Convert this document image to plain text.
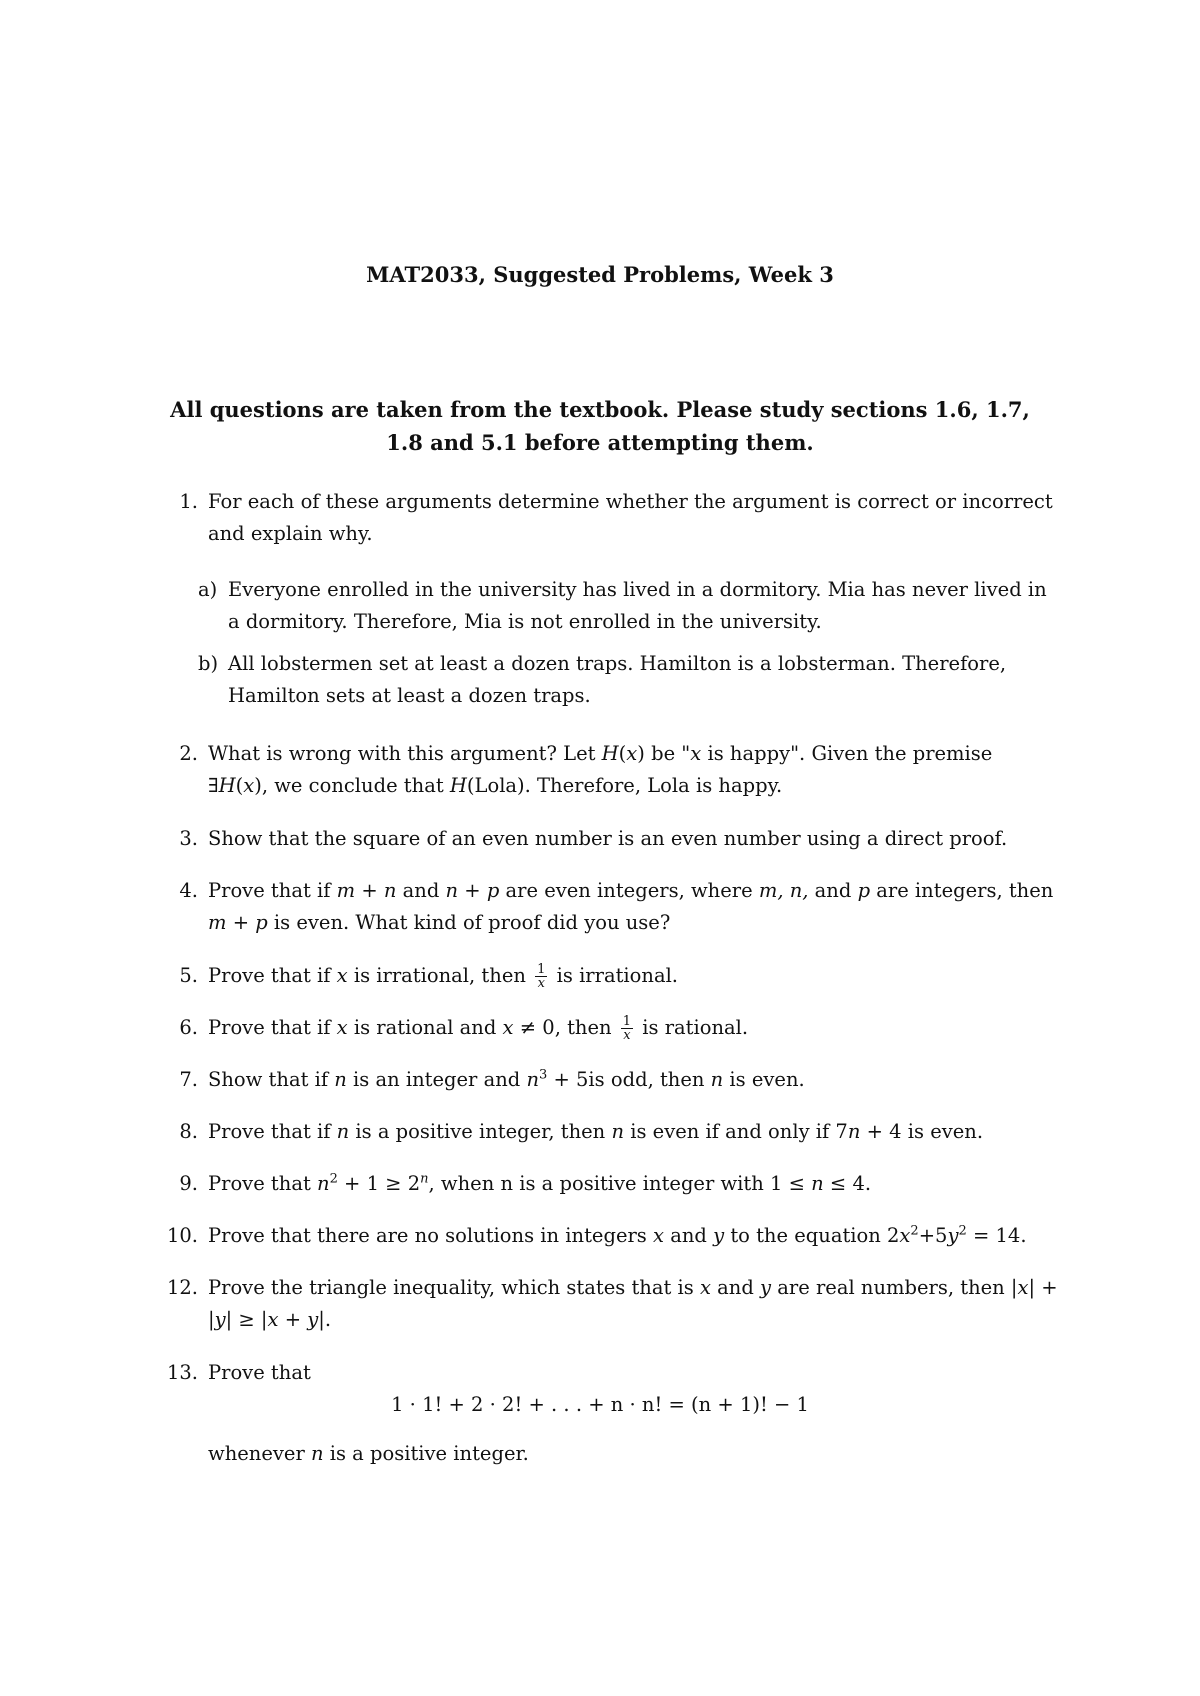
MAT2033, Suggested Problems, Week 3
All questions are taken from the textbook. Please study sections 1.6, 1.7,
1.8 and 5.1 before attempting them.
1. For each of these arguments determine whether the argument is correct or incorrect and explain why.
a) Everyone enrolled in the university has lived in a dormitory. Mia has never lived in a dormitory. Therefore, Mia is not enrolled in the university.
b) All lobstermen set at least a dozen traps. Hamilton is a lobsterman. Therefore, Hamilton sets at least a dozen traps.
2. What is wrong with this argument? Let H(x) be "x is happy". Given the premise ∃H(x), we conclude that H(Lola). Therefore, Lola is happy.
3. Show that the square of an even number is an even number using a direct proof.
4. Prove that if m + n and n + p are even integers, where m, n, and p are integers, then m + p is even. What kind of proof did you use?
5. Prove that if x is irrational, then $\frac{1}{x}$ is irrational.
6. Prove that if x is rational and x ≠ 0, then $\frac{1}{x}$ is rational.
7. Show that if n is an integer and $n^3 + 5is$ odd, then n is even.
8. Prove that if n is a positive integer, then n is even if and only if 7n + 4 is even.
9. Prove that $n^2 + 1 \ge 2^n$, when n is a positive integer with 1 ≤ n ≤ 4.
10. Prove that there are no solutions in integers x and y to the equation $2x^2+5y^2 = 14$.
12. Prove the triangle inequality, which states that is x and y are real numbers, then |x| + |y| ≥ |x + y|.
13. Prove that
1 · 1! + 2 · 2! + . . . + n · n! = (n + 1)! − 1
whenever n is a positive integer.
